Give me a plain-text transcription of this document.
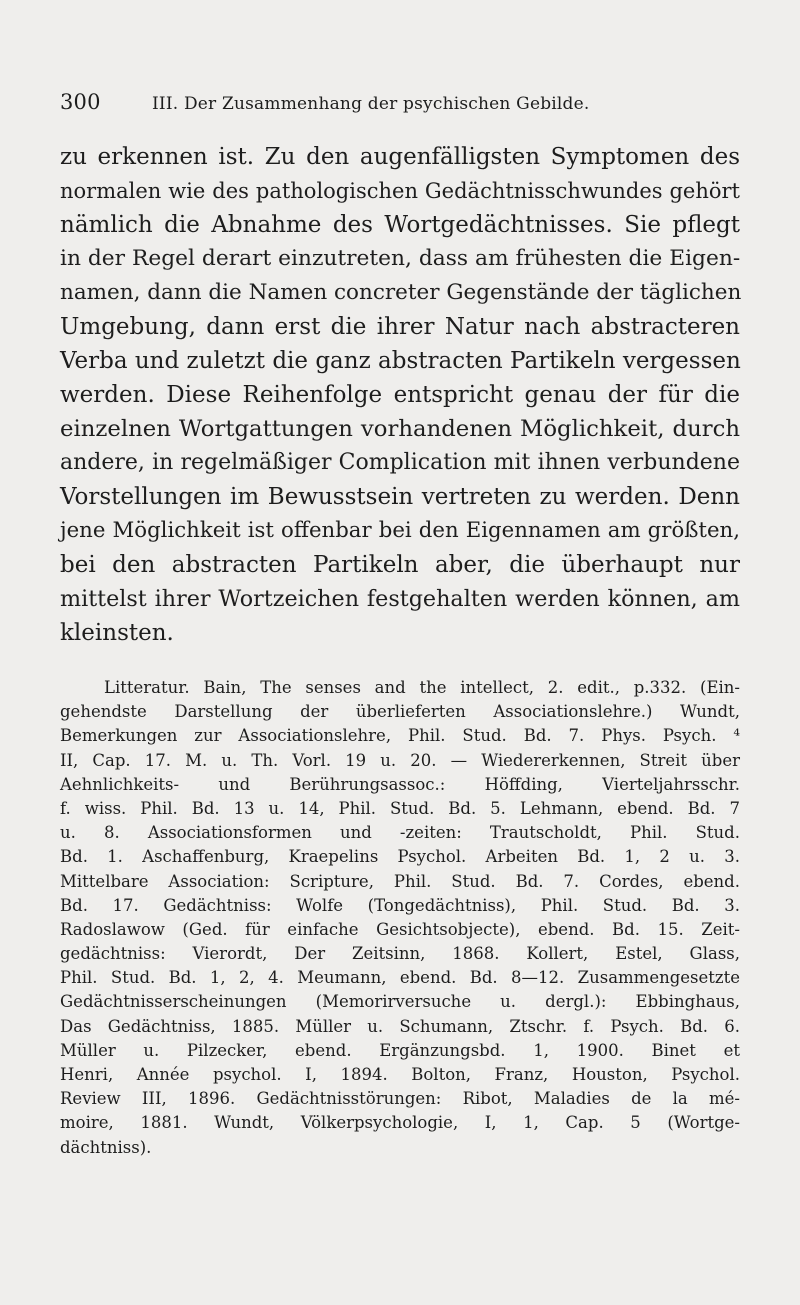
300	III. Der Zusammenhang der psychischen Gebilde.
zu erkennen ist. Zu den augenfälligsten Symptomen des
normalen wie des pathologischen Gedächtnisschwundes gehört
nämlich die Abnahme des Wortgedächtnisses. Sie pflegt
in der Regel derart einzutreten, dass am frühesten die Eigen-
namen, dann die Namen concreter Gegenstände der täglichen
Umgebung, dann erst die ihrer Natur nach abstracteren
Verba und zuletzt die ganz abstracten Partikeln vergessen
werden. Diese Reihenfolge entspricht genau der für die
einzelnen Wortgattungen vorhandenen Möglichkeit, durch
andere, in regelmäßiger Complication mit ihnen verbundene
Vorstellungen im Bewusstsein vertreten zu werden. Denn
jene Möglichkeit ist offenbar bei den Eigennamen am größten,
bei den abstracten Partikeln aber, die überhaupt nur
mittelst ihrer Wortzeichen festgehalten werden können, am
kleinsten.
Litteratur. Bain, The senses and the intellect, 2. edit., p.332. (Ein-
gehendste Darstellung der überlieferten Associationslehre.) Wundt,
Bemerkungen zur Associationslehre, Phil. Stud. Bd. 7. Phys. Psych. ⁴
II, Cap. 17. M. u. Th. Vorl. 19 u. 20. — Wiedererkennen, Streit über
Aehnlichkeits- und Berührungsassoc.: Höffding, Vierteljahrsschr.
f. wiss. Phil. Bd. 13 u. 14, Phil. Stud. Bd. 5. Lehmann, ebend. Bd. 7
u. 8. Associationsformen und -zeiten: Trautscholdt, Phil. Stud.
Bd. 1. Aschaffenburg, Kraepelins Psychol. Arbeiten Bd. 1, 2 u. 3.
Mittelbare Association: Scripture, Phil. Stud. Bd. 7. Cordes, ebend.
Bd. 17. Gedächtniss: Wolfe (Tongedächtniss), Phil. Stud. Bd. 3.
Radoslawow (Ged. für einfache Gesichtsobjecte), ebend. Bd. 15. Zeit-
gedächtniss: Vierordt, Der Zeitsinn, 1868. Kollert, Estel, Glass,
Phil. Stud. Bd. 1, 2, 4. Meumann, ebend. Bd. 8—12. Zusammengesetzte
Gedächtnisserscheinungen (Memorirversuche u. dergl.): Ebbinghaus,
Das Gedächtniss, 1885. Müller u. Schumann, Ztschr. f. Psych. Bd. 6.
Müller u. Pilzecker, ebend. Ergänzungsbd. 1, 1900. Binet et
Henri, Année psychol. I, 1894. Bolton, Franz, Houston, Psychol.
Review III, 1896. Gedächtnisstörungen: Ribot, Maladies de la mé-
moire, 1881. Wundt, Völkerpsychologie, I, 1, Cap. 5 (Wortge-
dächtniss).
